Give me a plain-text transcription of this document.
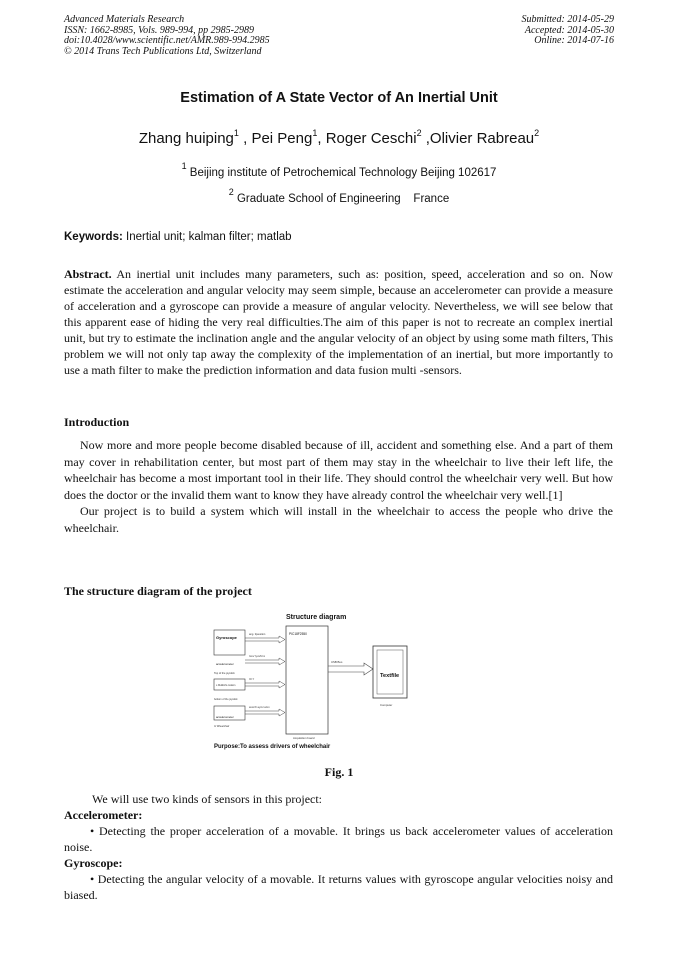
Advanced Materials Research
ISSN: 1662-8985, Vols. 989-994, pp 2985-2989
doi:10.4028/www.scientific.net/AMR.989-994.2985
© 2014 Trans Tech Publications Ltd, Switzerland
Submitted: 2014-05-29
Accepted: 2014-05-30
Online: 2014-07-16
Estimation of A State Vector of An Inertial Unit
Zhang huiping$^1$ , Pei Peng$^1$, Roger Ceschi$^2$ ,Olivier Rabreau$^2$
$^1$ Beijing institute of Petrochemical Technology Beijing 102617
$^2$ Graduate School of Engineering    France
Keywords: Inertial unit; kalman filter; matlab
Abstract. An inertial unit includes many parameters, such as: position, speed, acceleration and so on. Now estimate the acceleration and angular velocity may seem simple, because an accelerometer can provide a measure of acceleration and a gyroscope can provide a measure of angular velocity. Nevertheless, we will see below that this apparent ease of hiding the very real difficulties.The aim of this paper is not to recreate an complex inertial unit, but try to estimate the inclination angle and the angular velocity of an object by using some math filters, This problem we will not only tap away the complexity of the implementation of an inertial, but more importantly to use a math filter to make the prediction information and data fusion multi -sensors.
Introduction

Now more and more people become disabled because of ill, accident and something else. And a part of them may cover in rehabilitation center, but most part of them may stay in the wheelchair to live their left life, the wheelchair has become a most important tool in their life. They should control the wheelchair very well. But how does the doctor or the invalid them want to know they have already control the wheelchair very well.[1]

Our project is to build a system which will install in the wheelchair to access the people who drive the wheelchair.

The structure diagram of the project
Structure diagram
Gyroscope
accelerometer
Top of the joystick
x.Multiinfo.motion
bottom of the joystick
accelerometer
In Wheelchair
ang. fquestion
Ixxx/ Iyxx/Izxx
IO.Y
axxxX/ ayxx/ azxx
PIC18F2550
Acquisition board
USB Bus
Textfile
Computer
Purpose:To assess drivers of wheelchair
Fig. 1

We will use two kinds of sensors in this project:

Accelerometer:

• Detecting the proper acceleration of a movable. It brings us back accelerometer values of acceleration noise.

Gyroscope:

• Detecting the angular velocity of a movable. It returns values with gyroscope angular velocities noisy and biased.
